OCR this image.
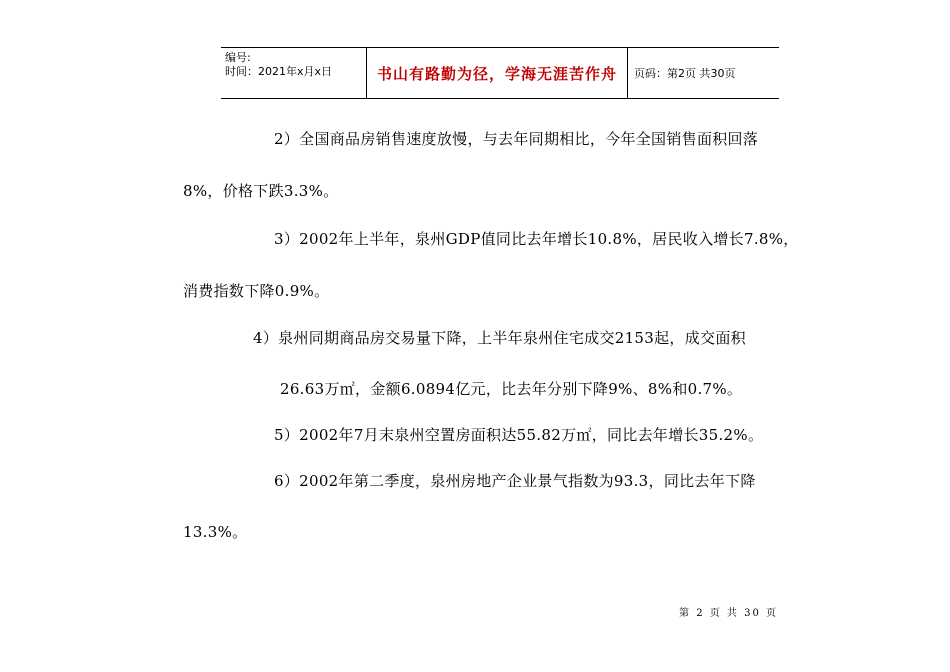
编号:
时间：2021年x月x日	书山有路勤为径，学海无涯苦作舟	页码：第2页 共30页
2）全国商品房销售速度放慢，与去年同期相比，今年全国销售面积回落
8%，价格下跌3.3%。
3）2002年上半年，泉州GDP值同比去年增长10.8%，居民收入增长7.8%，
消费指数下降0.9%。
4）泉州同期商品房交易量下降，上半年泉州住宅成交2153起，成交面积
26.63万㎡，金额6.0894亿元，比去年分别下降9%、8%和0.7%。
5）2002年7月末泉州空置房面积达55.82万㎡，同比去年增长35.2%。
6）2002年第二季度，泉州房地产企业景气指数为93.3，同比去年下降
13.3%。
第 2 页 共 30 页
